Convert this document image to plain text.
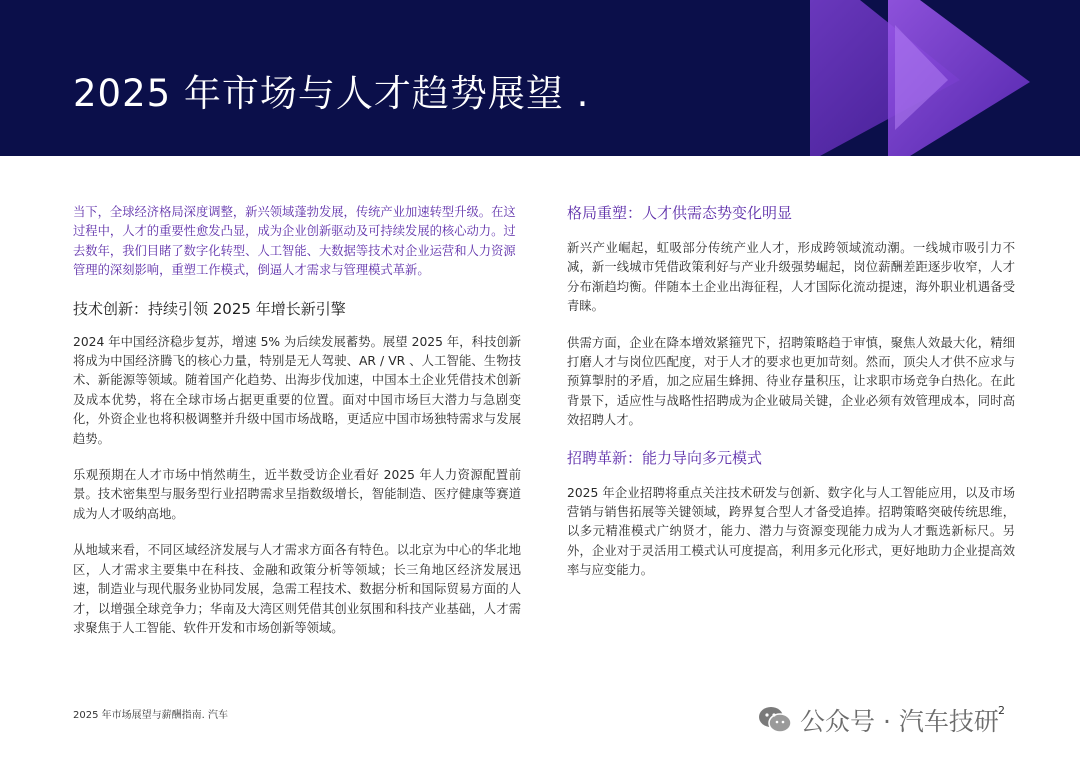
2025 年市场与人才趋势展望 .

当下，全球经济格局深度调整，新兴领域蓬勃发展，传统产业加速转型升级。在这过程中，人才的重要性愈发凸显，成为企业创新驱动及可持续发展的核心动力。过去数年，我们目睹了数字化转型、人工智能、大数据等技术对企业运营和人力资源管理的深刻影响，重塑工作模式，倒逼人才需求与管理模式革新。

技术创新：持续引领 2025 年增长新引擎

2024 年中国经济稳步复苏，增速 5% 为后续发展蓄势。展望 2025 年，科技创新将成为中国经济腾飞的核心力量，特别是无人驾驶、AR / VR 、人工智能、生物技术、新能源等领域。随着国产化趋势、出海步伐加速，中国本土企业凭借技术创新及成本优势，将在全球市场占据更重要的位置。面对中国市场巨大潜力与急剧变化，外资企业也将积极调整并升级中国市场战略，更适应中国市场独特需求与发展趋势。

乐观预期在人才市场中悄然萌生，近半数受访企业看好 2025 年人力资源配置前景。技术密集型与服务型行业招聘需求呈指数级增长，智能制造、医疗健康等赛道成为人才吸纳高地。

从地域来看，不同区域经济发展与人才需求方面各有特色。以北京为中心的华北地区，人才需求主要集中在科技、金融和政策分析等领域；长三角地区经济发展迅速，制造业与现代服务业协同发展，急需工程技术、数据分析和国际贸易方面的人才，以增强全球竞争力；华南及大湾区则凭借其创业氛围和科技产业基础，人才需求聚焦于人工智能、软件开发和市场创新等领域。

格局重塑：人才供需态势变化明显

新兴产业崛起，虹吸部分传统产业人才，形成跨领域流动潮。一线城市吸引力不减，新一线城市凭借政策利好与产业升级强势崛起，岗位薪酬差距逐步收窄，人才分布渐趋均衡。伴随本土企业出海征程，人才国际化流动提速，海外职业机遇备受青睐。

供需方面，企业在降本增效紧箍咒下，招聘策略趋于审慎，聚焦人效最大化，精细打磨人才与岗位匹配度，对于人才的要求也更加苛刻。然而，顶尖人才供不应求与预算掣肘的矛盾，加之应届生蜂拥、待业存量积压，让求职市场竞争白热化。在此背景下，适应性与战略性招聘成为企业破局关键，企业必须有效管理成本，同时高效招聘人才。

招聘革新：能力导向多元模式

2025 年企业招聘将重点关注技术研发与创新、数字化与人工智能应用，以及市场营销与销售拓展等关键领域，跨界复合型人才备受追捧。招聘策略突破传统思维，以多元精准模式广纳贤才，能力、潜力与资源变现能力成为人才甄选新标尺。另外，企业对于灵活用工模式认可度提高，利用多元化形式，更好地助力企业提高效率与应变能力。

2025 年市场展望与薪酬指南. 汽车	公众号 · 汽车技研 2
